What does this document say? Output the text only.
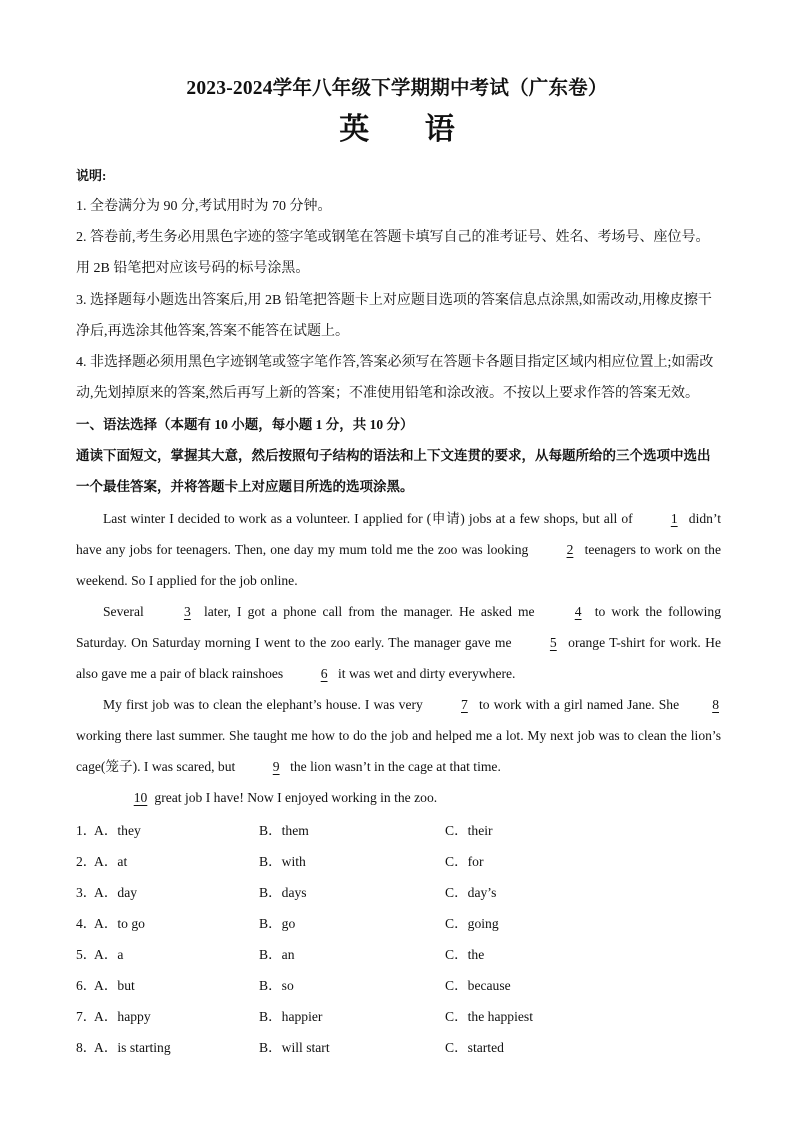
2023-2024学年八年级下学期期中考试（广东卷）
英 语
说明:
1. 全卷满分为 90 分,考试用时为 70 分钟。
2. 答卷前,考生务必用黑色字迹的签字笔或钢笔在答题卡填写自己的准考证号、姓名、考场号、座位号。用 2B 铅笔把对应该号码的标号涂黑。
3. 选择题每小题选出答案后,用 2B 铅笔把答题卡上对应题目选项的答案信息点涂黑,如需改动,用橡皮擦干净后,再选涂其他答案,答案不能答在试题上。
4. 非选择题必须用黑色字迹钢笔或签字笔作答,答案必须写在答题卡各题目指定区域内相应位置上;如需改动,先划掉原来的答案,然后再写上新的答案；不准使用铅笔和涂改液。不按以上要求作答的答案无效。
一、语法选择（本题有 10 小题，每小题 1 分，共 10 分）
通读下面短文，掌握其大意，然后按照句子结构的语法和上下文连贯的要求，从每题所给的三个选项中选出一个最佳答案，并将答题卡上对应题目所选的选项涂黑。

Last winter I decided to work as a volunteer. I applied for (申请) jobs at a few shops, but all of	1 didn’t have any jobs for teenagers. Then, one day my mum told me the zoo was looking	2 teenagers to work on the weekend. So I applied for the job online.

Several	3 later, I got a phone call from the manager. He asked me	4 to work the following Saturday. On Saturday morning I went to the zoo early. The manager gave me	5 orange T-shirt for work. He also gave me a pair of black rainshoes	6 it was wet and dirty everywhere.

My first job was to clean the elephant’s house. I was very	7 to work with a girl named Jane. She 8 working there last summer. She taught me how to do the job and helped me a lot. My next job was to clean the lion’s cage(笼子). I was scared, but	9 the lion wasn’t in the cage at that time.

10 great job I have! Now I enjoyed working in the zoo.

1．
A．they	B．them	C．their
2．
A．at	B．with	C．for
3．
A．day	B．days	C．day’s
4．
A．to go	B．go	C．going
5．
A．a	B．an	C．the
6．
A．but	B．so	C．because
7．
A．happy	B．happier	C．the happiest
8．
A．is starting	B．will start	C．started
